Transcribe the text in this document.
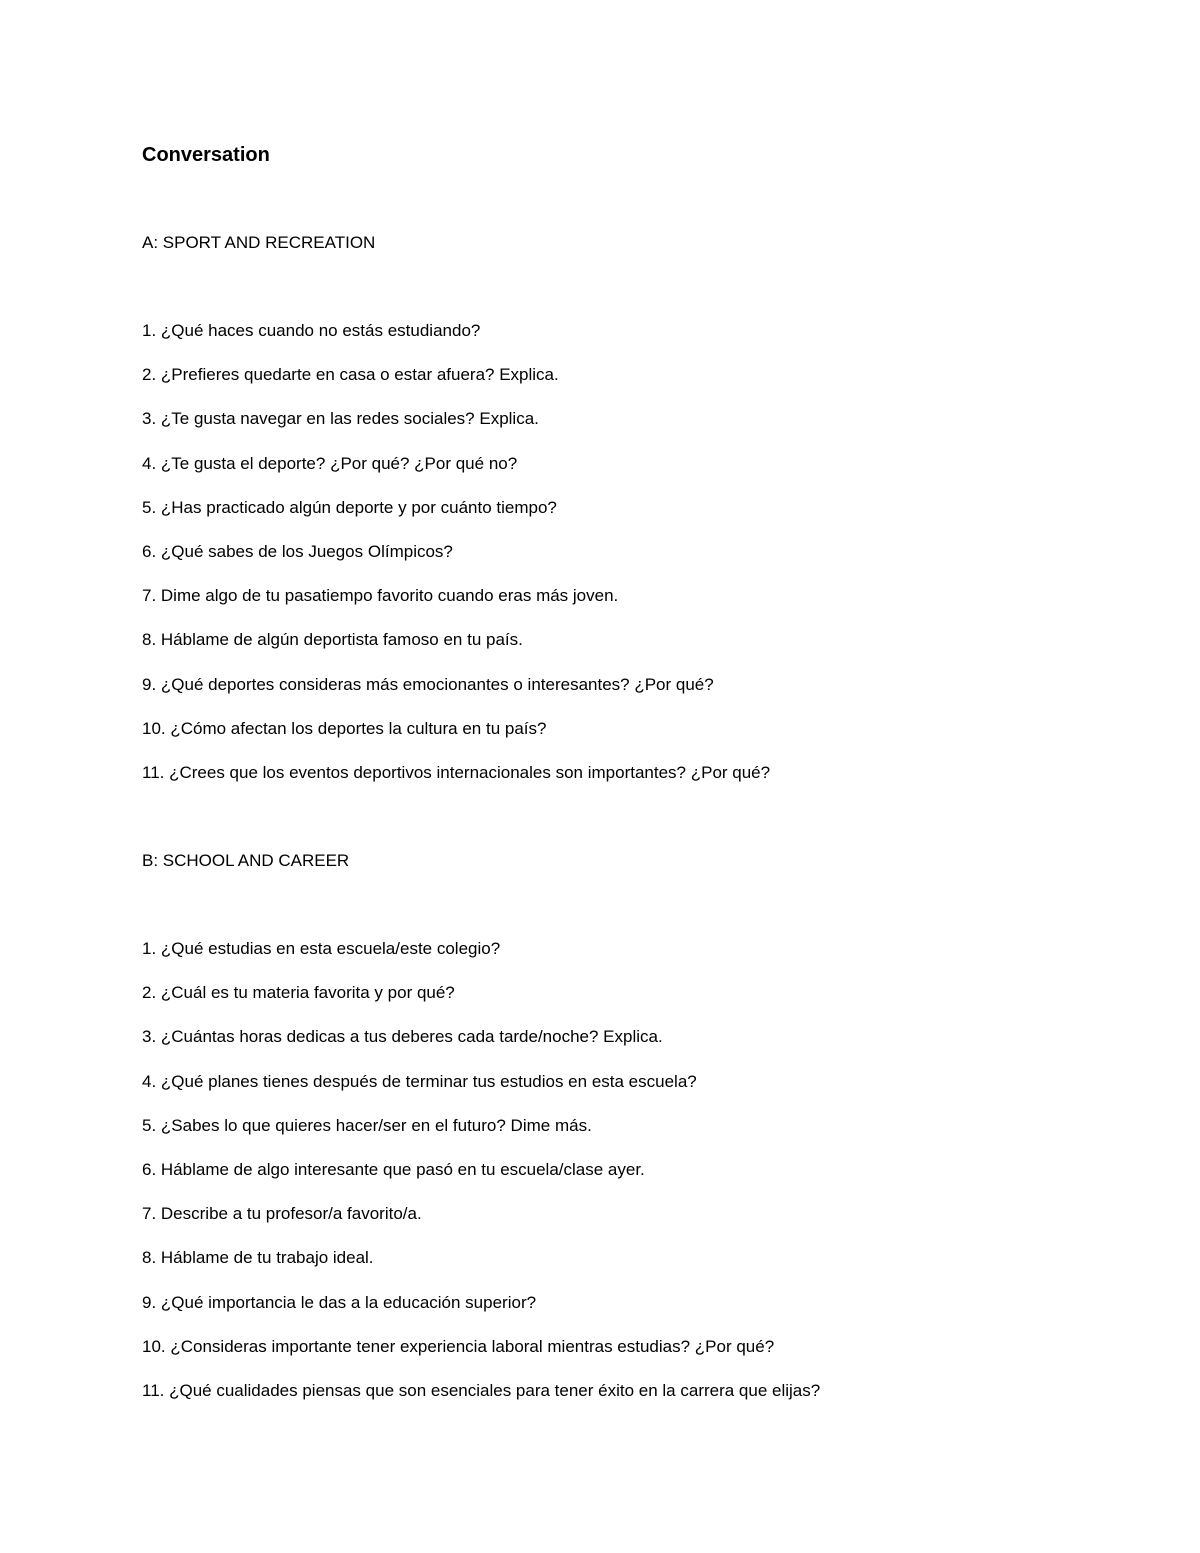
Conversation
A: SPORT AND RECREATION
1. ¿Qué haces cuando no estás estudiando?
2. ¿Prefieres quedarte en casa o estar afuera? Explica.
3. ¿Te gusta navegar en las redes sociales? Explica.
4. ¿Te gusta el deporte? ¿Por qué? ¿Por qué no?
5. ¿Has practicado algún deporte y por cuánto tiempo?
6. ¿Qué sabes de los Juegos Olímpicos?
7. Dime algo de tu pasatiempo favorito cuando eras más joven.
8. Háblame de algún deportista famoso en tu país.
9. ¿Qué deportes consideras más emocionantes o interesantes? ¿Por qué?
10. ¿Cómo afectan los deportes la cultura en tu país?
11. ¿Crees que los eventos deportivos internacionales son importantes? ¿Por qué?
B: SCHOOL AND CAREER
1. ¿Qué estudias en esta escuela/este colegio?
2. ¿Cuál es tu materia favorita y por qué?
3. ¿Cuántas horas dedicas a tus deberes cada tarde/noche? Explica.
4. ¿Qué planes tienes después de terminar tus estudios en esta escuela?
5. ¿Sabes lo que quieres hacer/ser en el futuro? Dime más.
6. Háblame de algo interesante que pasó en tu escuela/clase ayer.
7. Describe a tu profesor/a favorito/a.
8. Háblame de tu trabajo ideal.
9. ¿Qué importancia le das a la educación superior?
10. ¿Consideras importante tener experiencia laboral mientras estudias? ¿Por qué?
11. ¿Qué cualidades piensas que son esenciales para tener éxito en la carrera que elijas?
